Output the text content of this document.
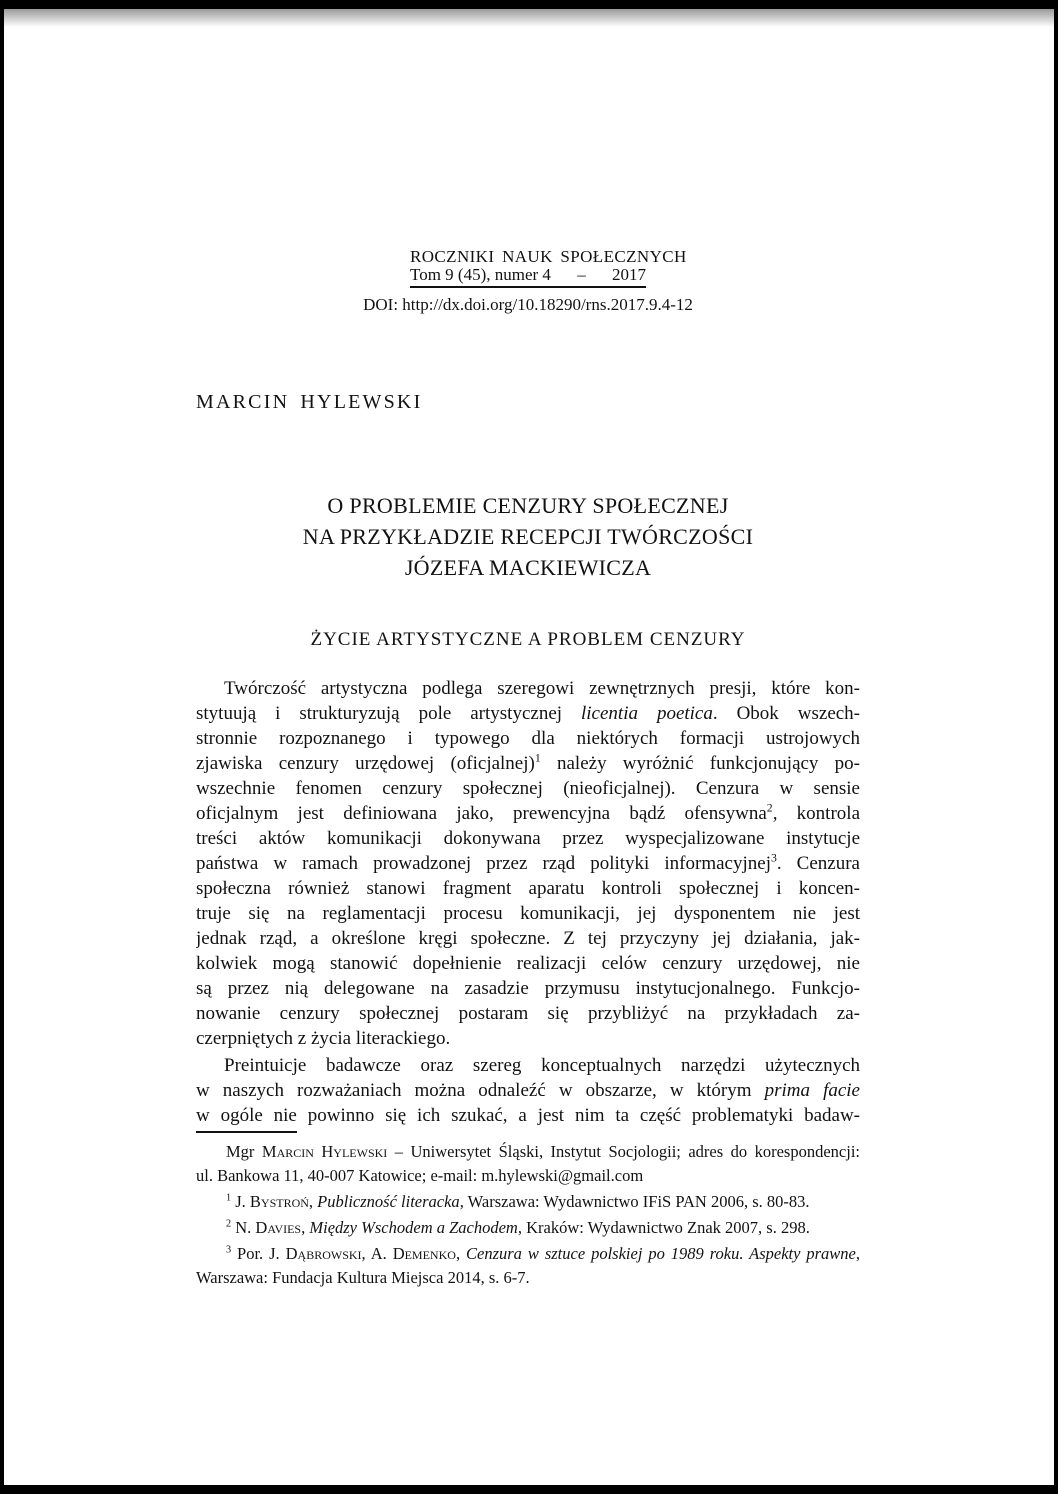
ROCZNIKI NAUK SPOŁECZNYCH
Tom 9 (45), numer 4 – 2017
DOI: http://dx.doi.org/10.18290/rns.2017.9.4-12
MARCIN HYLEWSKI
O PROBLEMIE CENZURY SPOŁECZNEJ
NA PRZYKŁADZIE RECEPCJI TWÓRCZOŚCI
JÓZEFA MACKIEWICZA
ŻYCIE ARTYSTYCZNE A PROBLEM CENZURY
Twórczość artystyczna podlega szeregowi zewnętrznych presji, które kon-
stytuują i strukturyzują pole artystycznej licentia poetica. Obok wszech-
stronnie rozpoznanego i typowego dla niektórych formacji ustrojowych
zjawiska cenzury urzędowej (oficjalnej)$^1$ należy wyróżnić funkcjonujący po-
wszechnie fenomen cenzury społecznej (nieoficjalnej). Cenzura w sensie
oficjalnym jest definiowana jako, prewencyjna bądź ofensywna$^2$, kontrola
treści aktów komunikacji dokonywana przez wyspecjalizowane instytucje
państwa w ramach prowadzonej przez rząd polityki informacyjnej$^3$. Cenzura
społeczna również stanowi fragment aparatu kontroli społecznej i koncen-
truje się na reglamentacji procesu komunikacji, jej dysponentem nie jest
jednak rząd, a określone kręgi społeczne. Z tej przyczyny jej działania, jak-
kolwiek mogą stanowić dopełnienie realizacji celów cenzury urzędowej, nie
są przez nią delegowane na zasadzie przymusu instytucjonalnego. Funkcjo-
nowanie cenzury społecznej postaram się przybliżyć na przykładach za-
czerpniętych z życia literackiego.
Preintuicje badawcze oraz szereg konceptualnych narzędzi użytecznych
w naszych rozważaniach można odnaleźć w obszarze, w którym prima facie
w ogóle nie powinno się ich szukać, a jest nim ta część problematyki badaw-
Mgr Marcin Hylewski – Uniwersytet Śląski, Instytut Socjologii; adres do korespondencji:
ul. Bankowa 11, 40-007 Katowice; e-mail: m.hylewski@gmail.com
$^1$ J. Bystroń, Publiczność literacka, Warszawa: Wydawnictwo IFiS PAN 2006, s. 80-83.
$^2$ N. Davies, Między Wschodem a Zachodem, Kraków: Wydawnictwo Znak 2007, s. 298.
$^3$ Por. J. Dąbrowski, A. Demenko, Cenzura w sztuce polskiej po 1989 roku. Aspekty prawne,
Warszawa: Fundacja Kultura Miejsca 2014, s. 6-7.
